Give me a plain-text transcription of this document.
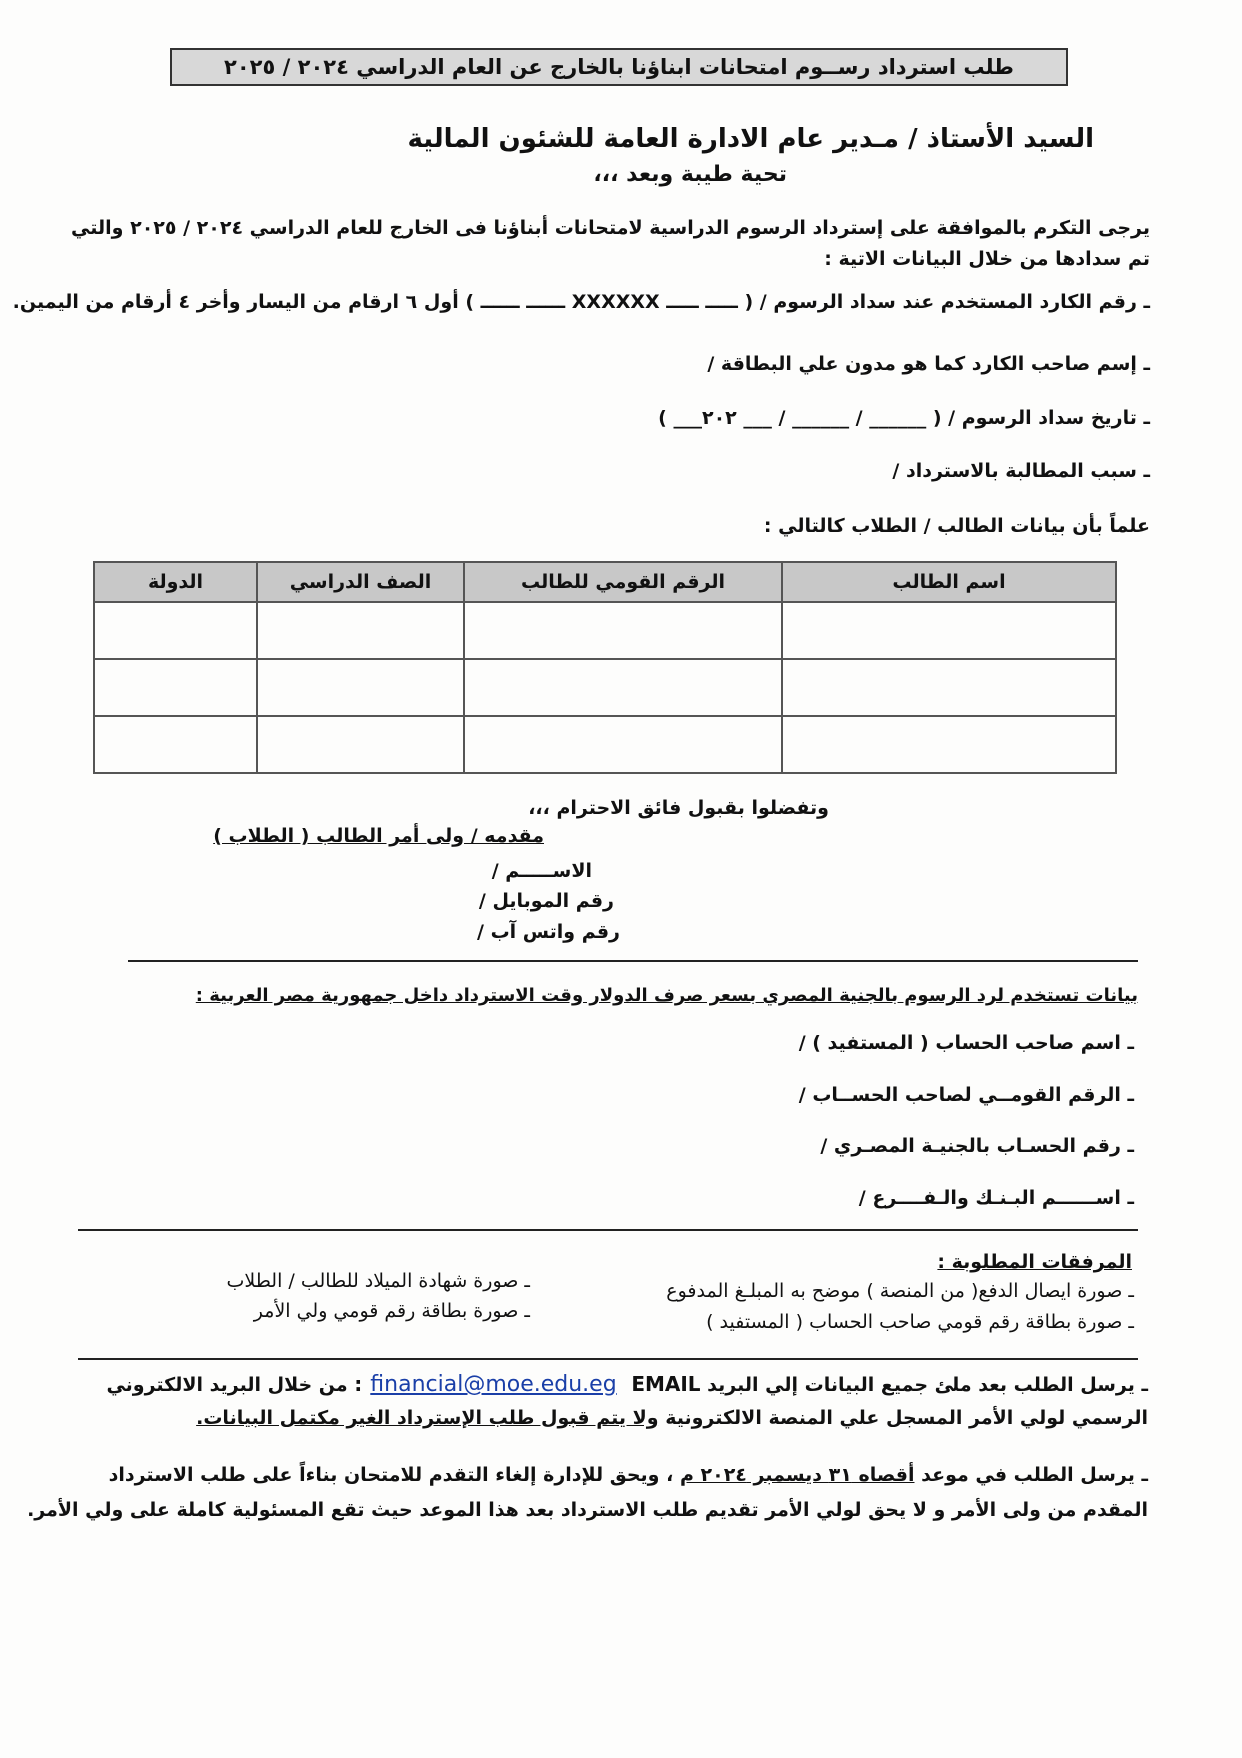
طلب استرداد رســوم امتحانات ابناؤنا بالخارج عن العام الدراسي ٢٠٢٤ / ٢٠٢٥
السيد الأستاذ / مـدير عام الادارة العامة للشئون المالية
تحية طيبة وبعد ،،،
يرجى التكرم بالموافقة على إسترداد الرسوم الدراسية لامتحانات أبناؤنا فى الخارج للعام الدراسي ٢٠٢٤ / ٢٠٢٥ والتي
تم سدادها من خلال البيانات الاتية :
ـ رقم الكارد المستخدم عند سداد الرسوم / ( ـــــ ـــــ XXXXXX ــــــ ــــــ ) أول ٦ ارقام من اليسار وأخر ٤ أرقام من اليمين.
ـ إسم صاحب الكارد كما هو مدون علي البطاقة /
ـ تاريخ سداد الرسوم / ( ______ / ______ / ___ ٢٠٢___ )
ـ سبب المطالبة بالاسترداد /
علماً بأن بيانات الطالب / الطلاب كالتالي :
اسم الطالب	الرقم القومي للطالب	الصف الدراسي	الدولة

وتفضلوا بقبول فائق الاحترام ،،،
مقدمه / ولى أمر الطالب ( الطلاب )
الاســـــم /
رقم الموبايل /
رقم واتس آب /
بيانات تستخدم لرد الرسوم بالجنية المصري بسعر صرف الدولار وقت الاسترداد داخل جمهورية مصر العربية :
ـ اسم صاحب الحساب ( المستفيد ) /
ـ الرقم القومــي لصاحب الحســاب /
ـ رقم الحسـاب بالجنيـة المصـري /
ـ اســــــم البـنـك والـفــــرع /
المرفقات المطلوبة :
ـ صورة ايصال الدفع( من المنصة ) موضح به المبلـغ المدفوع
ـ صورة بطاقة رقم قومي صاحب الحساب ( المستفيد )
ـ صورة شهادة الميلاد للطالب / الطلاب
ـ صورة بطاقة رقم قومي ولي الأمر
ـ يرسل الطلب بعد ملئ جميع البيانات إلي البريد financial@moe.edu.eg EMAIL: من خلال البريد الالكتروني
الرسمي لولي الأمر المسجل علي المنصة الالكترونية ولا يتم قبول طلب الإسترداد الغير مكتمل البيانات.
ـ يرسل الطلب في موعد أقصاه ٣١ ديسمبر ٢٠٢٤ م ، ويحق للإدارة إلغاء التقدم للامتحان بناءاً على طلب الاسترداد
المقدم من ولى الأمر و لا يحق لولي الأمر تقديم طلب الاسترداد بعد هذا الموعد حيث تقع المسئولية كاملة على ولي الأمر.
